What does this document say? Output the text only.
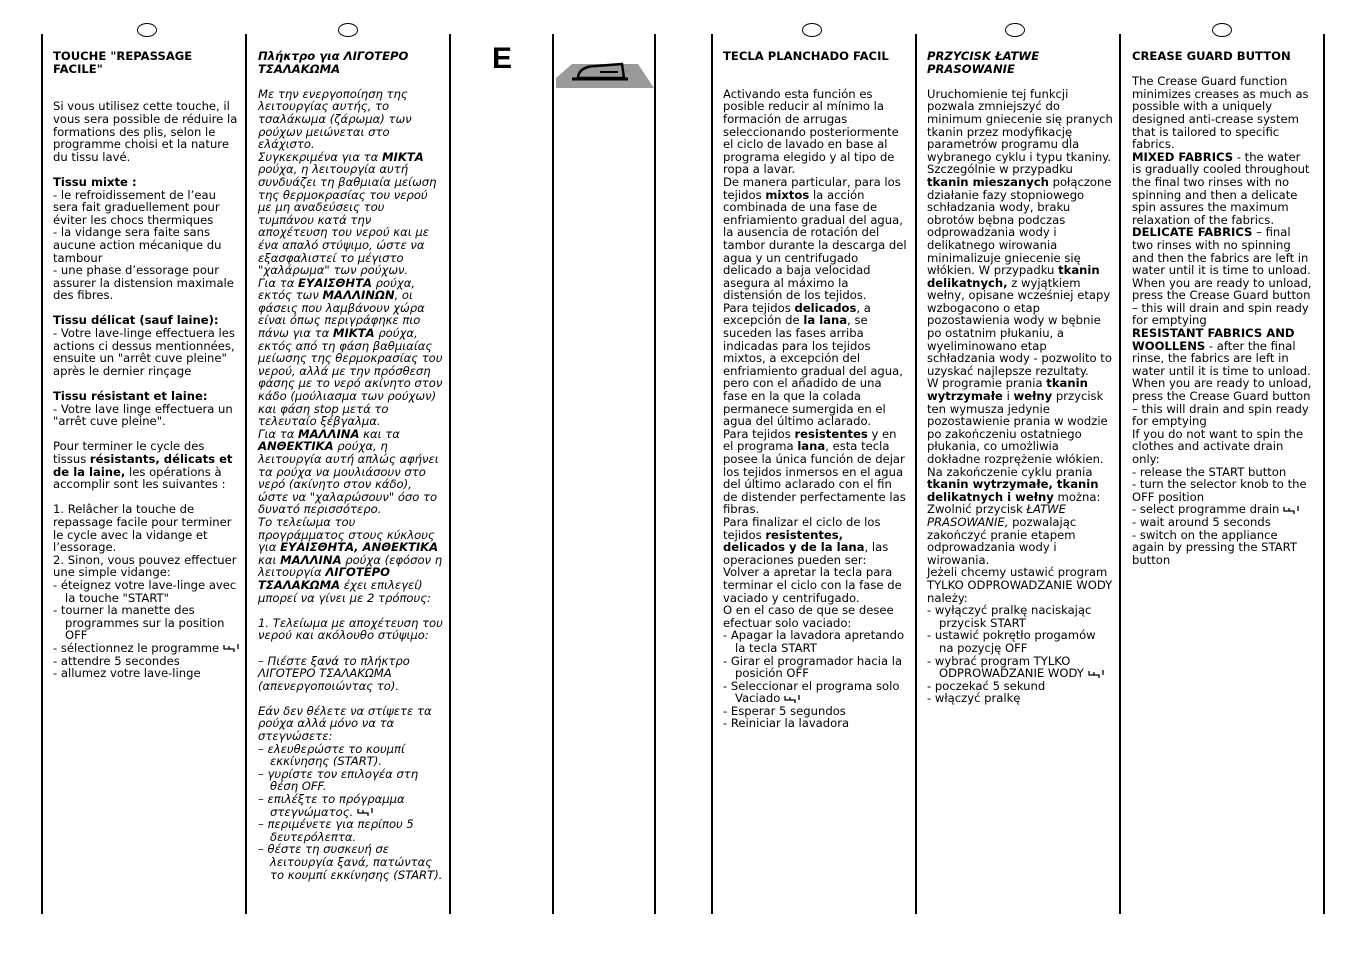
E

TOUCHE "REPASSAGE FACILE"

Si vous utilisez cette touche, il vous sera possible de réduire la formations des plis, selon le programme choisi et la nature du tissu lavé.

Tissu mixte :

- le refroidissement de l’eau sera fait graduellement pour éviter les chocs thermiques

- la vidange sera faite sans aucune action mécanique du tambour

- une phase d’essorage pour assurer la distension maximale des fibres.

Tissu délicat (sauf laine):

- Votre lave-linge effectuera les actions ci dessus mentionnées, ensuite un "arrêt cuve pleine" après le dernier rinçage

Tissu résistant et laine:

- Votre lave linge effectuera un "arrêt cuve pleine".

Pour terminer le cycle des tissus résistants, délicats et de la laine, les opérations à accomplir sont les suivantes :

1. Relâcher la touche de repassage facile pour terminer le cycle avec la vidange et l’essorage.

2. Sinon, vous pouvez effectuer une simple vidange:

- éteignez votre lave-linge avec la touche "START"

- tourner la manette des programmes sur la position OFF

- sélectionnez le programme

- attendre 5 secondes

- allumez votre lave-linge

Πλήκτρο για ΛΙΓΟΤΕΡΟ ΤΣΑΛΑΚΩΜΑ

Με την ενεργοποίηση της λειτουργίας αυτής, το τσαλάκωμα (ζάρωμα) των ρούχων μειώνεται στο ελάχιστο.

Συγκεκριμένα για τα ΜΙΚΤΑ ρούχα, η λειτουργία αυτή συνδυάζει τη βαθμιαία μείωση της θερμοκρασίας του νερού με μη αναδεύσεις του τυμπάνου κατά την αποχέτευση του νερού και με ένα απαλό στύψιμο, ώστε να εξασφαλιστεί το μέγιστο "χαλάρωμα" των ρούχων.

Για τα ΕΥΑΙΣΘΗΤΑ ρούχα, εκτός των ΜΑΛΛΙΝΩΝ, οι φάσεις που λαμβάνουν χώρα είναι όπως περιγράφηκε πιο πάνω για τα ΜΙΚΤΑ ρούχα, εκτός από τη φάση βαθμιαίας μείωσης της θερμοκρασίας του νερού, αλλά με την πρόσθεση φάσης με το νερό ακίνητο στον κάδο (μούλιασμα των ρούχων) και φάση stop μετά το τελευταίο ξέβγαλμα.

Για τα ΜΑΛΛΙΝΑ και τα ΑΝΘΕΚΤΙΚΑ ρούχα, η λειτουργία αυτή απλώς αφήνει τα ρούχα να μουλιάσουν στο νερό (ακίνητο στον κάδο), ώστε να "χαλαρώσουν" όσο το δυνατό περισσότερο.

Το τελείωμα του προγράμματος στους κύκλους για ΕΥΑΙΣΘΗΤΑ, ΑΝΘΕΚΤΙΚΑ και ΜΑΛΛΙΝΑ ρούχα (εφόσον η λειτουργία ΛΙΓΟΤΕΡΟ ΤΣΑΛΑΚΩΜΑ έχει επιλεγεί) μπορεί να γίνει με 2 τρόπους:

1. Τελείωμα με αποχέτευση του νερού και ακόλουθο στύψιμο:

– Πιέστε ξανά το πλήκτρο ΛΙΓΟΤΕΡΟ ΤΣΑΛΑΚΩΜΑ (απενεργοποιώντας το).

Εάν δεν θέλετε να στίψετε τα ρούχα αλλά μόνο να τα στεγνώσετε:

– ελευθερώστε το κουμπί εκκίνησης (START).

– γυρίστε τον επιλογέα στη θέση OFF.

– επιλέξτε το πρόγραμμα στεγνώματος.

– περιμένετε για περίπου 5 δευτερόλεπτα.

– θέστε τη συσκευή σε λειτουργία ξανά, πατώντας το κουμπί εκκίνησης (START).

TECLA PLANCHADO FACIL

Activando esta función es posible reducir al mínimo la formación de arrugas seleccionando posteriormente el ciclo de lavado en base al programa elegido y al tipo de ropa a lavar.

De manera particular, para los tejidos mixtos la acción combinada de una fase de enfriamiento gradual del agua, la ausencia de rotación del tambor durante la descarga del agua y un centrifugado delicado a baja velocidad asegura al máximo la distensión de los tejidos.

Para tejidos delicados, a excepción de la lana, se suceden las fases arriba indicadas para los tejidos mixtos, a excepción del enfriamiento gradual del agua, pero con el añadido de una fase en la que la colada permanece sumergida en el agua del último aclarado.

Para tejidos resistentes y en el programa lana, esta tecla posee la única función de dejar los tejidos inmersos en el agua del último aclarado con el fin de distender perfectamente las fibras.

Para finalizar el ciclo de los tejidos resistentes, delicados y de la lana, las operaciones pueden ser:

Volver a apretar la tecla para terminar el ciclo con la fase de vaciado y centrifugado.

O en el caso de que se desee efectuar solo vaciado:

- Apagar la lavadora apretando la tecla START

- Girar el programador hacia la posición OFF

- Seleccionar el programa solo Vaciado

- Esperar 5 segundos

- Reiniciar la lavadora

PRZYCISK ŁATWE PRASOWANIE

Uruchomienie tej funkcji pozwala zmniejszyć do minimum gniecenie się pranych tkanin przez modyfikację parametrów programu dla wybranego cyklu i typu tkaniny.

Szczególnie w przypadku tkanin mieszanych połączone działanie fazy stopniowego schładzania wody, braku obrotów bębna podczas odprowadzania wody i delikatnego wirowania minimalizuje gniecenie się włókien. W przypadku tkanin delikatnych, z wyjątkiem wełny, opisane wcześniej etapy wzbogacono o etap pozostawienia wody w bębnie po ostatnim płukaniu, a wyeliminowano etap schładzania wody - pozwolito to uzyskać najlepsze rezultaty.

W programie prania tkanin wytrzymałe i wełny przycisk ten wymusza jedynie pozostawienie prania w wodzie po zakończeniu ostatniego płukania, co umożliwia dokładne rozprężenie włókien.

Na zakończenie cyklu prania tkanin wytrzymałe, tkanin delikatnych i wełny można:

Zwolnić przycisk ŁATWE PRASOWANIE, pozwalając zakończyć pranie etapem odprowadzania wody i wirowania.

Jeżeli chcemy ustawić program TYLKO ODPROWADZANIE WODY należy:

- wyłączyć pralkę naciskając przycisk START

- ustawić pokrętło progamów na pozycję OFF

- wybrać program TYLKO ODPROWADZANIE WODY

- poczekać 5 sekund

- włączyć pralkę

CREASE GUARD BUTTON

The Crease Guard function minimizes creases as much as possible with a uniquely designed anti-crease system that is tailored to specific fabrics.

MIXED FABRICS - the water is gradually cooled throughout the final two rinses with no spinning and then a delicate spin assures the maximum relaxation of the fabrics.

DELICATE FABRICS – final two rinses with no spinning and then the fabrics are left in water until it is time to unload. When you are ready to unload, press the Crease Guard button – this will drain and spin ready for emptying

RESISTANT FABRICS AND WOOLLENS - after the final rinse, the fabrics are left in water until it is time to unload. When you are ready to unload, press the Crease Guard button – this will drain and spin ready for emptying

If you do not want to spin the clothes and activate drain only:

- release the START button

- turn the selector knob to the OFF position

- select programme drain

- wait around 5 seconds

- switch on the appliance again by pressing the START button
